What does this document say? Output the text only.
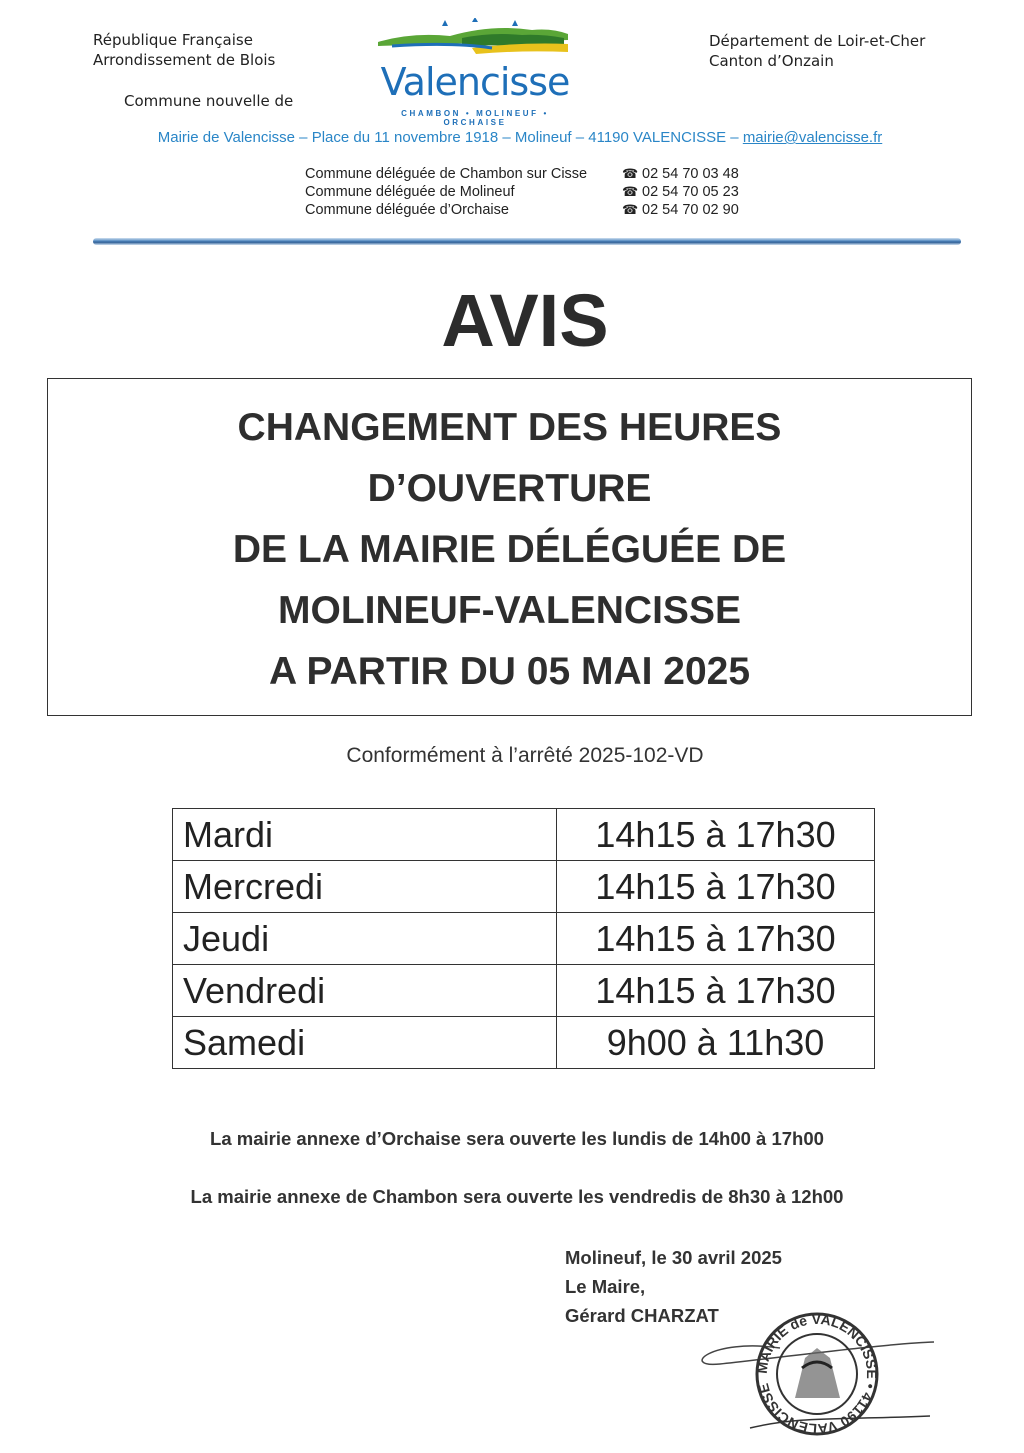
République Française
Arrondissement de Blois
Commune nouvelle de Valencisse
CHAMBON • MOLINEUF • ORCHAISE
Département de Loir-et-Cher
Canton d’Onzain
Mairie de Valencisse – Place du 11 novembre 1918 – Molineuf – 41190 VALENCISSE – mairie@valencisse.fr
Commune déléguée de Chambon sur Cisse
Commune déléguée de Molineuf
Commune déléguée d’Orchaise
☎ 02 54 70 03 48
☎ 02 54 70 05 23
☎ 02 54 70 02 90
AVIS
CHANGEMENT DES HEURES
D’OUVERTURE
DE LA MAIRIE DÉLÉGUÉE DE
MOLINEUF-VALENCISSE
A PARTIR DU 05 MAI 2025
Conformément à l’arrêté 2025-102-VD
Mardi	14h15 à 17h30
Mercredi	14h15 à 17h30
Jeudi	14h15 à 17h30
Vendredi	14h15 à 17h30
Samedi	9h00 à 11h30
La mairie annexe d’Orchaise sera ouverte les lundis de 14h00 à 17h00
La mairie annexe de Chambon sera ouverte les vendredis de 8h30 à 12h00
Molineuf, le 30 avril 2025
Le Maire,
Gérard CHARZAT
MAIRIE de VALENCISSE • 41190 VALENCISSE
